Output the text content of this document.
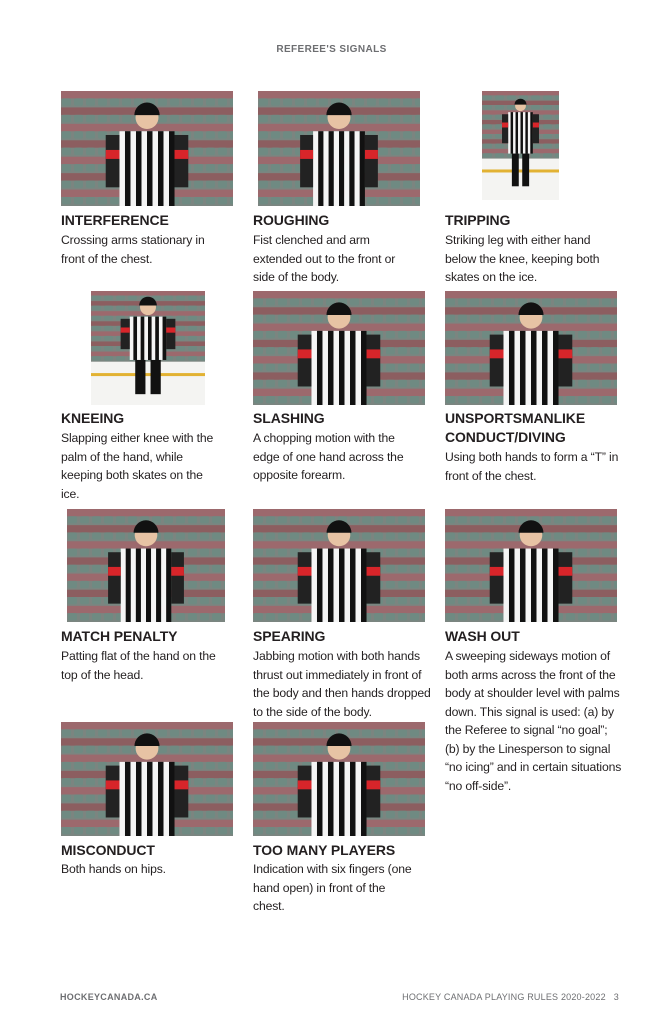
REFEREE'S SIGNALS
INTERFERENCE
Crossing arms stationary in front of the chest.
ROUGHING
Fist clenched and arm extended out to the front or side of the body.
TRIPPING
Striking leg with either hand below the knee, keeping both skates on the ice.
KNEEING
Slapping either knee with the palm of the hand, while keeping both skates on the ice.
SLASHING
A chopping motion with the edge of one hand across the opposite forearm.
UNSPORTSMANLIKE CONDUCT/DIVING
Using both hands to form a “T” in front of the chest.
MATCH PENALTY
Patting flat of the hand on the top of the head.
SPEARING
Jabbing motion with both hands thrust out immediately in front of the body and then hands dropped to the side of the body.
WASH OUT
A sweeping sideways motion of both arms across the front of the body at shoulder level with palms down. This signal is used: (a) by the Referee to signal “no goal”; (b) by the Linesperson to signal “no icing” and in certain situations “no off-side”.
MISCONDUCT
Both hands on hips.
TOO MANY PLAYERS
Indication with six fingers (one hand open) in front of the chest.
HOCKEYCANADA.CA	HOCKEY CANADA PLAYING RULES 2020-2022 3
